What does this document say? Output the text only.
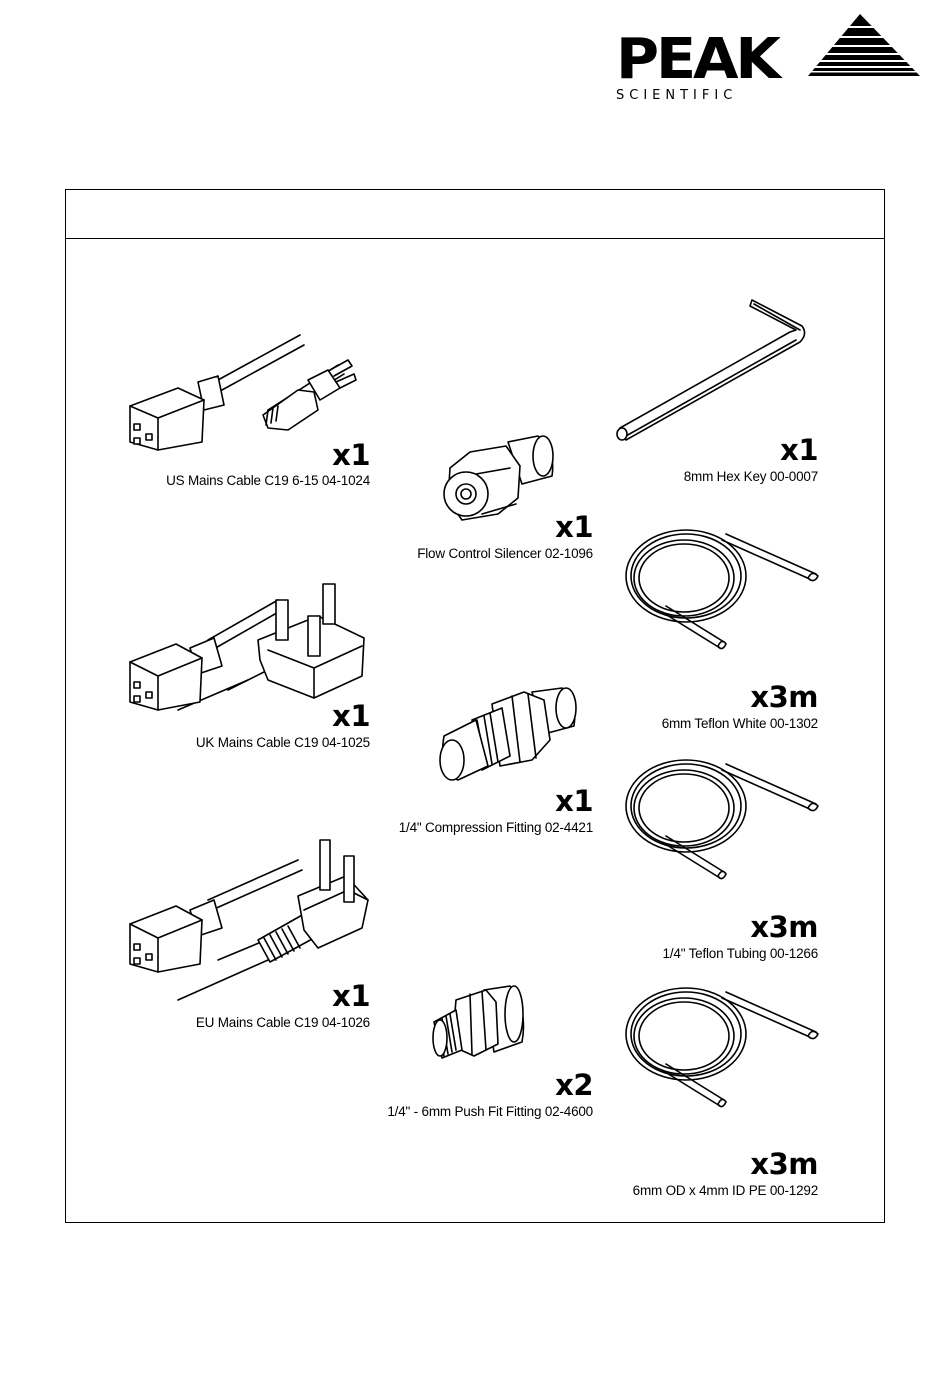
PEAK
SCIENTIFIC
x1
US Mains Cable C19 6-15 04-1024
x1
Flow Control Silencer 02-1096
x1
8mm Hex Key 00-0007
x3m
6mm Teflon White 00-1302
x1
UK Mains Cable C19 04-1025
x1
1/4" Compression Fitting 02-4421
x3m
1/4" Teflon Tubing 00-1266
x1
EU Mains Cable C19 04-1026
x2
1/4" - 6mm Push Fit Fitting 02-4600
x3m
6mm OD x 4mm ID PE 00-1292
